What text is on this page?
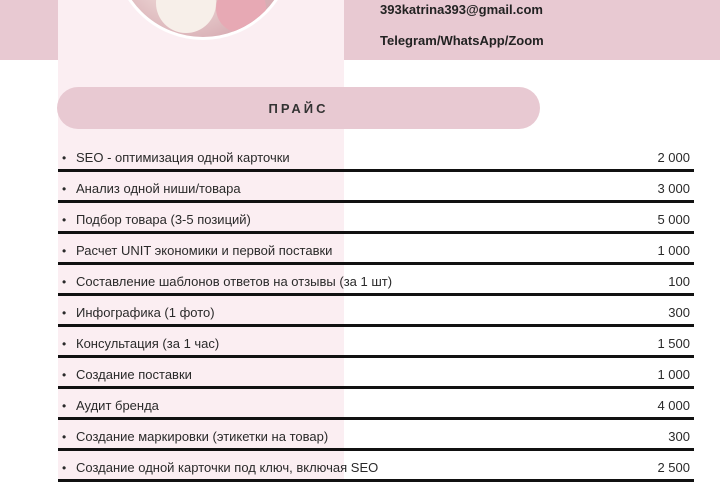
393katrina393@gmail.com
Telegram/WhatsApp/Zoom
ПРАЙС
• SEO - оптимизация одной карточки	2 000
• Анализ одной ниши/товара	3 000
• Подбор товара (3-5 позиций)	5 000
• Расчет UNIT экономики и первой поставки	1 000
• Составление шаблонов ответов на отзывы (за 1 шт)	100
• Инфографика (1 фото)	300
• Консультация (за 1 час)	1 500
• Создание поставки	1 000
• Аудит бренда	4 000
• Создание маркировки (этикетки на товар)	300
• Создание одной карточки под ключ, включая SEO	2 500
